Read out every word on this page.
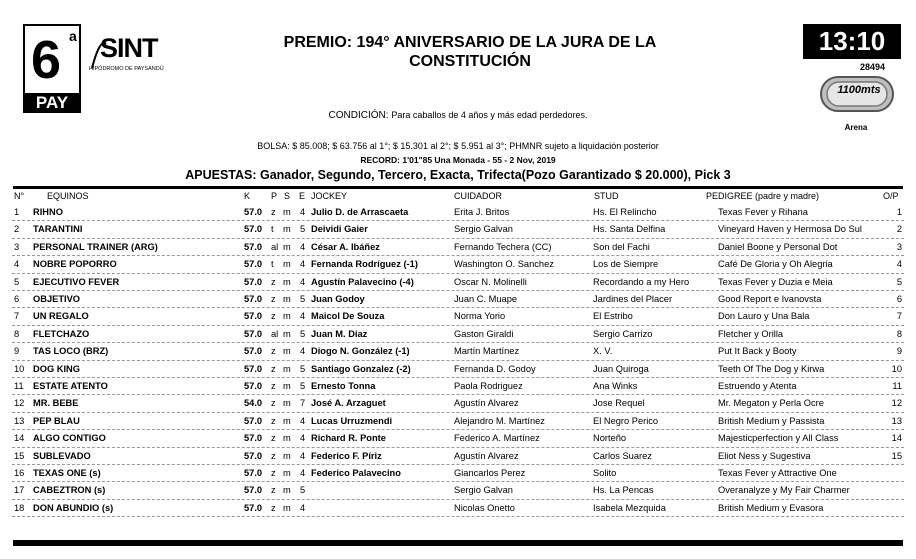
6 a
PAY
SINT
HIPÓDROMO DE PAYSANDÚ
PREMIO: 194° ANIVERSARIO DE LA JURA DE LA CONSTITUCIÓN
13:10
28494
1100mts
Arena
CONDICIÓN: Para caballos de 4 años y más edad perdedores.
BOLSA: $ 85.008; $ 63.756 al 1°; $ 15.301 al 2°; $ 5.951 al 3°; PHMNR sujeto a liquidación posterior
RECORD: 1'01"85 Una Monada - 55 - 2 Nov, 2019
APUESTAS: Ganador, Segundo, Tercero, Exacta, Trifecta(Pozo Garantizado $ 20.000), Pick 3
N°	EQUINOS	K P S E JOCKEY	CUIDADOR	STUD	PEDIGREE (padre y madre)	O/P
1 RIHNO	57.0 z m 4 Julio D. de Arrascaeta	Erita J. Britos	Hs. El Relincho	Texas Fever y Rihana	1
2 TARANTINI	57.0 t m 5 Deividi Gaier	Sergio Galvan	Hs. Santa Delfina	Vineyard Haven y Hermosa Do Sul	2
3 PERSONAL TRAINER (ARG)	57.0 al m 4 César A. Ibáñez	Fernando Techera (CC)	Son del Fachi	Daniel Boone y Personal Dot	3
4 NOBRE POPORRO	57.0 t m 4 Fernanda Rodríguez (-1)	Washington O. Sanchez	Los de Siempre	Café De Gloria y Oh Alegria	4
5 EJECUTIVO FEVER	57.0 z m 4 Agustín Palavecino (-4)	Oscar N. Molinelli	Recordando a my Hero	Texas Fever y Duzia e Meia	5
6 OBJETIVO	57.0 z m 5 Juan Godoy	Juan C. Muape	Jardines del Placer	Good Report e Ivanovsta	6
7 UN REGALO	57.0 z m 4 Maicol De Souza	Norma Yorio	El Estribo	Don Lauro y Una Bala	7
8 FLETCHAZO	57.0 al m 5 Juan M. Diaz	Gaston Giraldi	Sergio Carrizo	Fletcher y Orilla	8
9 TAS LOCO (BRZ)	57.0 z m 4 Diogo N. González (-1)	Martín Martínez	X. V.	Put It Back y Booty	9
10 DOG KING	57.0 z m 5 Santiago Gonzalez (-2)	Fernanda D. Godoy	Juan Quiroga	Teeth Of The Dog y Kirwa	10
11 ESTATE ATENTO	57.0 z m 5 Ernesto Tonna	Paola Rodriguez	Ana Winks	Estruendo y Atenta	11
12 MR. BEBE	54.0 z m 7 José A. Arzaguet	Agustín Alvarez	Jose Requel	Mr. Megaton y Perla Ocre	12
13 PEP BLAU	57.0 z m 4 Lucas Urruzmendi	Alejandro M. Martínez	El Negro Perico	British Medium y Passista	13
14 ALGO CONTIGO	57.0 z m 4 Richard R. Ponte	Federico A. Martínez	Norteño	Majesticperfection y All Class	14
15 SUBLEVADO	57.0 z m 4 Federico F. Píriz	Agustín Alvarez	Carlos Suarez	Eliot Ness y Sugestiva	15
16 TEXAS ONE (s)	57.0 z m 4 Federico Palavecino	Giancarlos Perez	Solito	Texas Fever y Attractive One
17 CABEZTRON (s)	57.0 z m 5	Sergio Galvan	Hs. La Pencas	Overanalyze y My Fair Charmer
18 DON ABUNDIO (s)	57.0 z m 4	Nicolas Onetto	Isabela Mezquida	British Medium y Evasora
